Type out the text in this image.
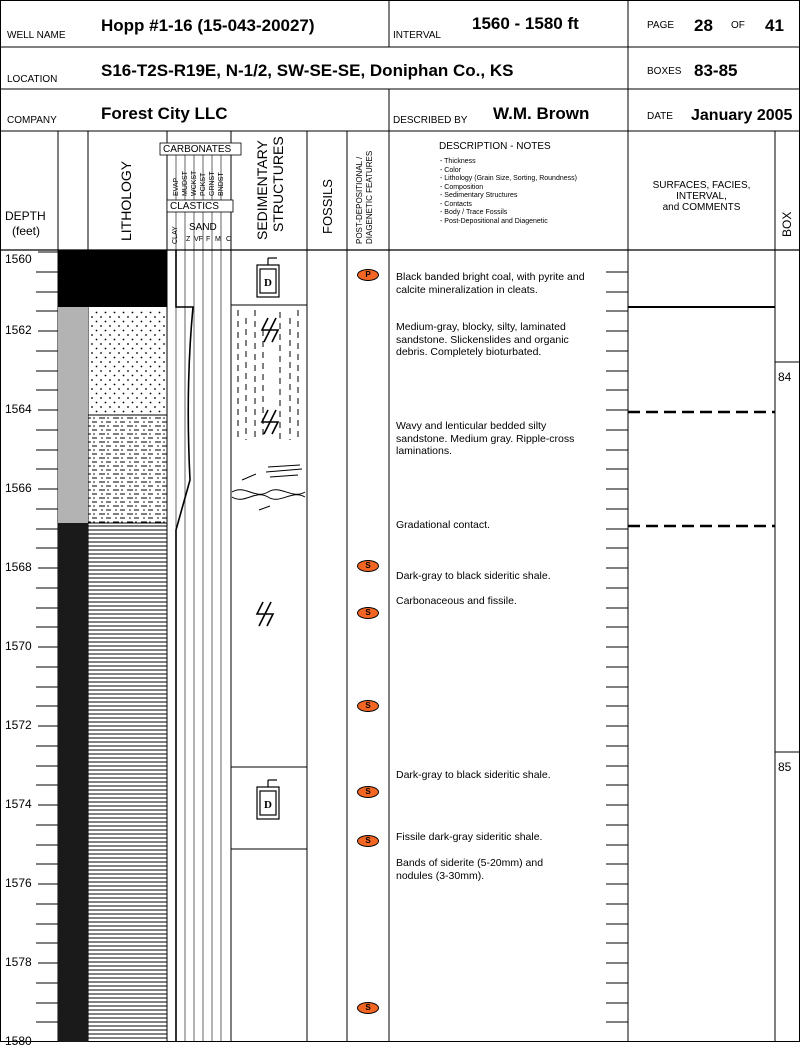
D
D
WELL NAME
Hopp #1-16 (15-043-20027)
INTERVAL
1560 - 1580 ft	PAGE 28 OF 41
LOCATION	S16-T2S-R19E, N-1/2, SW-SE-SE, Doniphan Co., KS	BOXES 83-85
COMPANY	Forest City LLC	DESCRIBED BY W.M. Brown	DATE January 2005
DEPTH
(feet)	LITHOLOGY
CARBONATES
EVAP MUDST WCKST PCKST GRNST BNDST
CLASTICS
CLAY SAND
Z VF F M C SEDIMENTARY STRUCTURES	FOSSILS	POST-DEPOSITIONAL / DIAGENETIC FEATURES
DESCRIPTION - NOTES
- Thickness
- Color
- Lithology (Grain Size, Sorting, Roundness)
- Composition
- Sedimentary Structures
- Contacts
- Body / Trace Fossils
- Post-Depositional and Diagenetic
SURFACES, FACIES,
INTERVAL,
and COMMENTS
BOX
1560
1562
1564
1566
1568
1570
1572
1574
1576
1578
1580
P
S
S
S
S
S
S
Black banded bright coal, with pyrite and calcite mineralization in cleats.
Medium-gray, blocky, silty, laminated sandstone. Slickenslides and organic debris. Completely bioturbated.
Wavy and lenticular bedded silty sandstone. Medium gray. Ripple-cross laminations.
Gradational contact.
Dark-gray to black sideritic shale.
Carbonaceous and fissile.
Dark-gray to black sideritic shale.
Fissile dark-gray sideritic shale.
Bands of siderite (5-20mm) and nodules (3-30mm).
84
85
